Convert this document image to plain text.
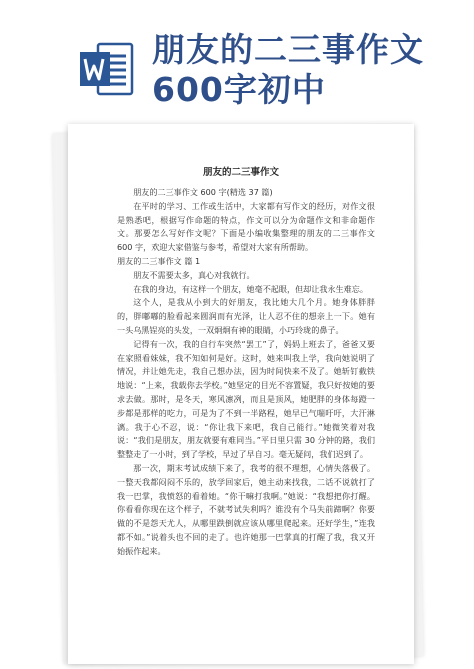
朋友的二三事作文
600字初中
朋友的二三事作文

朋友的二三事作文 600 字(精选 37 篇)

在平时的学习、工作或生活中，大家都有写作文的经历，对作文很是熟悉吧，根据写作命题的特点，作文可以分为命题作文和非命题作文。那要怎么写好作文呢？下面是小编收集整理的朋友的二三事作文 600 字，欢迎大家借鉴与参考，希望对大家有所帮助。

朋友的二三事作文 篇 1

朋友不需要太多，真心对我就行。

在我的身边，有这样一个朋友，她毫不起眼，但却让我永生难忘。

这个人，是我从小到大的好朋友，我比她大几个月。她身体胖胖的，胖嘟嘟的脸看起来圆润而有光泽，让人忍不住的想亲上一下。她有一头乌黑锃亮的头发，一双炯炯有神的眼睛，小巧玲珑的鼻子。

记得有一次，我的自行车突然“罢工”了，妈妈上班去了，爸爸又要在家照看妹妹，我不知如何是好。这时，她来叫我上学，我向她说明了情况，并让她先走，我自己想办法，因为时间快来不及了。她斩钉截铁地说：“上来，我载你去学校。”她坚定的目光不容置疑，我只好按她的要求去做。那时，是冬天，寒风凛冽，而且是顶风，她肥胖的身体每蹬一步都是那样的吃力，可是为了不到一半路程，她早已气喘吁吁，大汗淋漓。我于心不忍，说：“你让我下来吧，我自己能行。”她微笑着对我说：“我们是朋友，朋友就要有难同当。”平日里只需 30 分钟的路，我们整整走了一小时，到了学校，早过了早自习。毫无疑问，我们迟到了。

那一次，期末考试成绩下来了，我考的很不理想，心情失落极了。一整天我都闷闷不乐的，放学回家后，她主动来找我，二话不说就打了我一巴掌，我愤怒的看着她。“你干嘛打我啊。”她说：“我想把你打醒。你看看你现在这个样子，不就考试失利吗？谁没有个马失前蹄啊？你要做的不是怨天尤人，从哪里跌倒就应该从哪里爬起来。还好学生，”连我都不如。”说着头也不回的走了。也许她那一巴掌真的打醒了我，我又开始振作起来。
